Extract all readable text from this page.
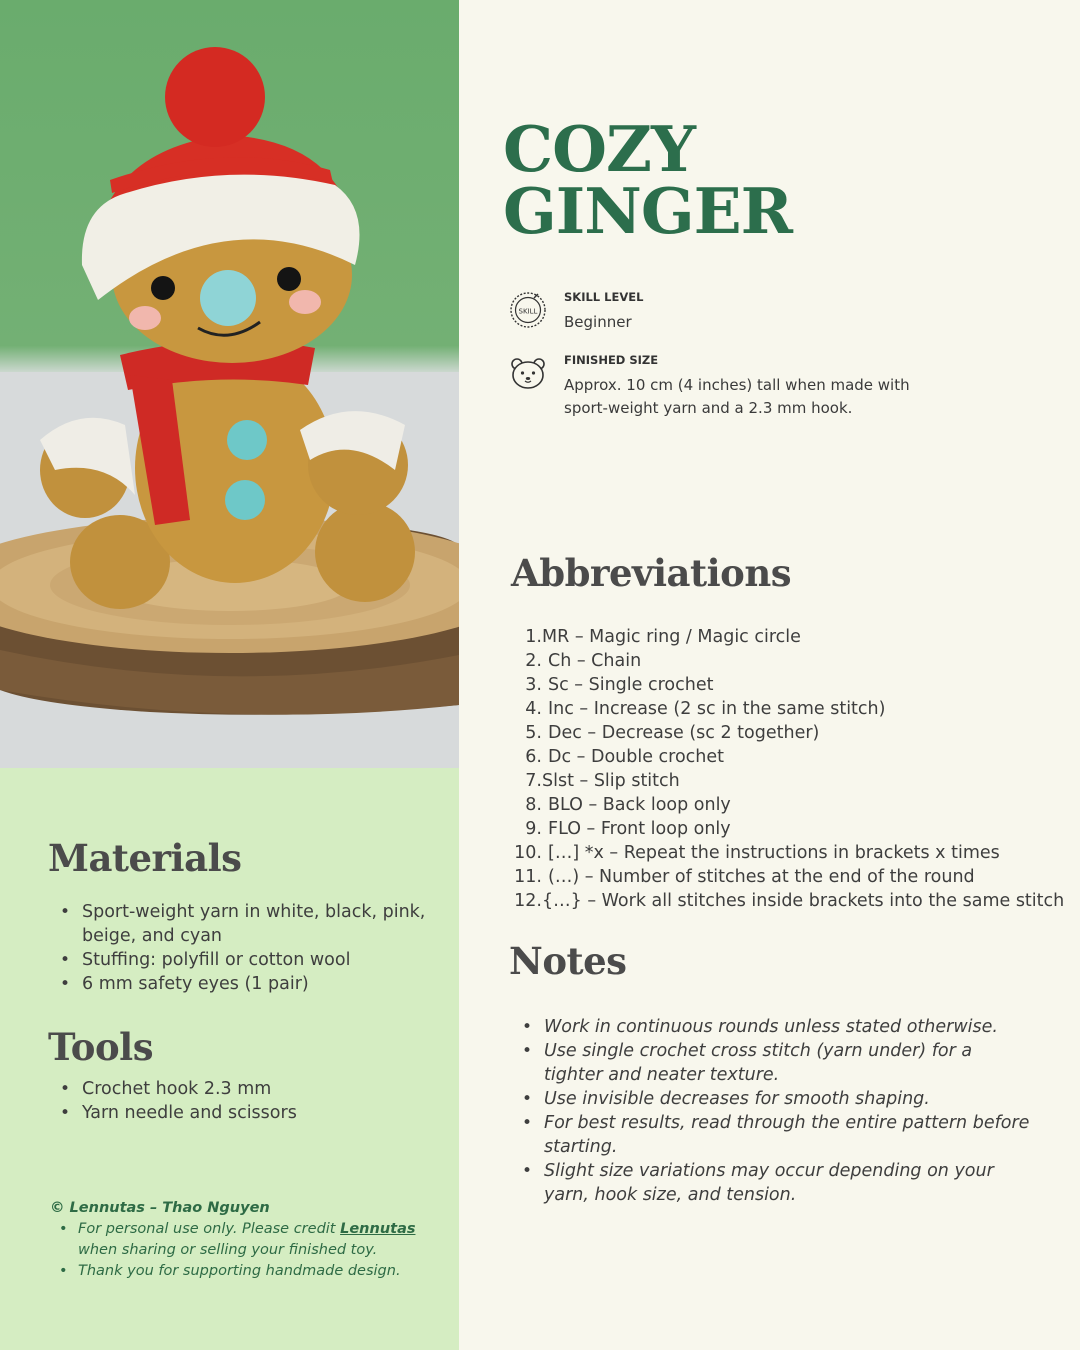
Materials
• Sport-weight yarn in white, black, pink, beige, and cyan
• Stuffing: polyfill or cotton wool
• 6 mm safety eyes (1 pair)
Tools
• Crochet hook 2.3 mm
• Yarn needle and scissors
© Lennutas – Thao Nguyen
• For personal use only. Please credit Lennutas when sharing or selling your finished toy.
• Thank you for supporting handmade design.
COZY
GINGER
SKILL
SKILL LEVEL
Beginner
FINISHED SIZE
Approx. 10 cm (4 inches) tall when made with sport-weight yarn and a 2.3 mm hook.
Abbreviations
1.MR – Magic ring / Magic circle
2. Ch – Chain
3. Sc – Single crochet
4. Inc – Increase (2 sc in the same stitch)
5. Dec – Decrease (sc 2 together)
6. Dc – Double crochet
7.Slst – Slip stitch
8. BLO – Back loop only
9. FLO – Front loop only
10. […] *x – Repeat the instructions in brackets x times
11. (…) – Number of stitches at the end of the round
12.{…} – Work all stitches inside brackets into the same stitch
Notes
• Work in continuous rounds unless stated otherwise.
• Use single crochet cross stitch (yarn under) for a tighter and neater texture.
• Use invisible decreases for smooth shaping.
• For best results, read through the entire pattern before starting.
• Slight size variations may occur depending on your yarn, hook size, and tension.
